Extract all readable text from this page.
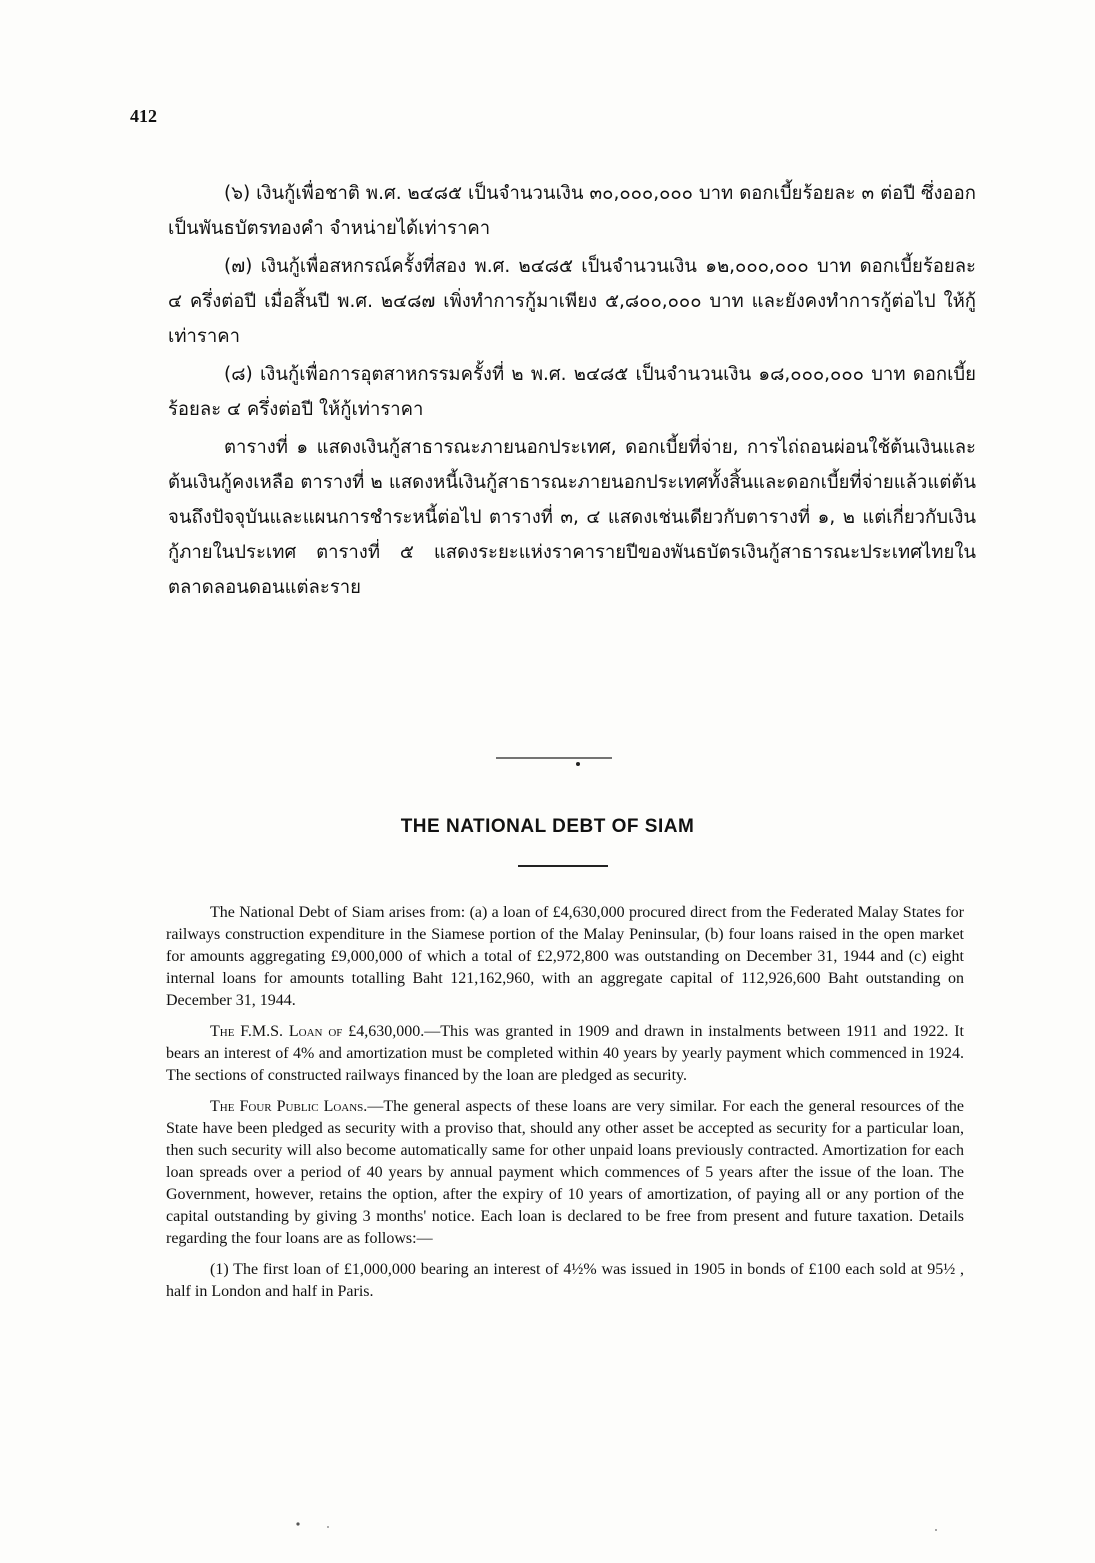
412

(๖) เงินกู้เพื่อชาติ พ.ศ. ๒๔๘๕ เป็นจำนวนเงิน ๓๐,๐๐๐,๐๐๐ บาท ดอกเบี้ยร้อยละ ๓ ต่อปี ซึ่งออกเป็นพันธบัตรทองคำ จำหน่ายได้เท่าราคา

(๗) เงินกู้เพื่อสหกรณ์ครั้งที่สอง พ.ศ. ๒๔๘๕ เป็นจำนวนเงิน ๑๒,๐๐๐,๐๐๐ บาท ดอกเบี้ยร้อยละ ๔ ครึ่งต่อปี เมื่อสิ้นปี พ.ศ. ๒๔๘๗ เพิ่งทำการกู้มาเพียง ๕,๘๐๐,๐๐๐ บาท และยังคงทำการกู้ต่อไป ให้กู้เท่าราคา

(๘) เงินกู้เพื่อการอุตสาหกรรมครั้งที่ ๒ พ.ศ. ๒๔๘๕ เป็นจำนวนเงิน ๑๘,๐๐๐,๐๐๐ บาท ดอกเบี้ยร้อยละ ๔ ครึ่งต่อปี ให้กู้เท่าราคา

ตารางที่ ๑ แสดงเงินกู้สาธารณะภายนอกประเทศ, ดอกเบี้ยที่จ่าย, การไถ่ถอนผ่อนใช้ต้นเงินและต้นเงินกู้คงเหลือ ตารางที่ ๒ แสดงหนี้เงินกู้สาธารณะภายนอกประเทศทั้งสิ้นและดอกเบี้ยที่จ่ายแล้วแต่ต้นจนถึงปัจจุบันและแผนการชำระหนี้ต่อไป ตารางที่ ๓, ๔ แสดงเช่นเดียวกับตารางที่ ๑, ๒ แต่เกี่ยวกับเงินกู้ภายในประเทศ ตารางที่ ๕ แสดงระยะแห่งราคารายปีของพันธบัตรเงินกู้สาธารณะประเทศไทยในตลาดลอนดอนแต่ละราย

THE NATIONAL DEBT OF SIAM

The National Debt of Siam arises from: (a) a loan of £4,630,000 procured direct from the Federated Malay States for railways construction expenditure in the Siamese portion of the Malay Peninsular, (b) four loans raised in the open market for amounts aggregating £9,000,000 of which a total of £2,972,800 was outstanding on December 31, 1944 and (c) eight internal loans for amounts totalling Baht 121,162,960, with an aggregate capital of 112,926,600 Baht outstanding on December 31, 1944.

The F.M.S. Loan of £4,630,000.—This was granted in 1909 and drawn in instalments between 1911 and 1922. It bears an interest of 4% and amortization must be completed within 40 years by yearly payment which commenced in 1924. The sections of constructed railways financed by the loan are pledged as security.

The Four Public Loans.—The general aspects of these loans are very similar. For each the general resources of the State have been pledged as security with a proviso that, should any other asset be accepted as security for a particular loan, then such security will also become automatically same for other unpaid loans previously contracted. Amortization for each loan spreads over a period of 40 years by annual payment which commences of 5 years after the issue of the loan. The Government, however, retains the option, after the expiry of 10 years of amortization, of paying all or any portion of the capital outstanding by giving 3 months' notice. Each loan is declared to be free from present and future taxation. Details regarding the four loans are as follows:—

(1) The first loan of £1,000,000 bearing an interest of 4½% was issued in 1905 in bonds of £100 each sold at 95½ , half in London and half in Paris.
